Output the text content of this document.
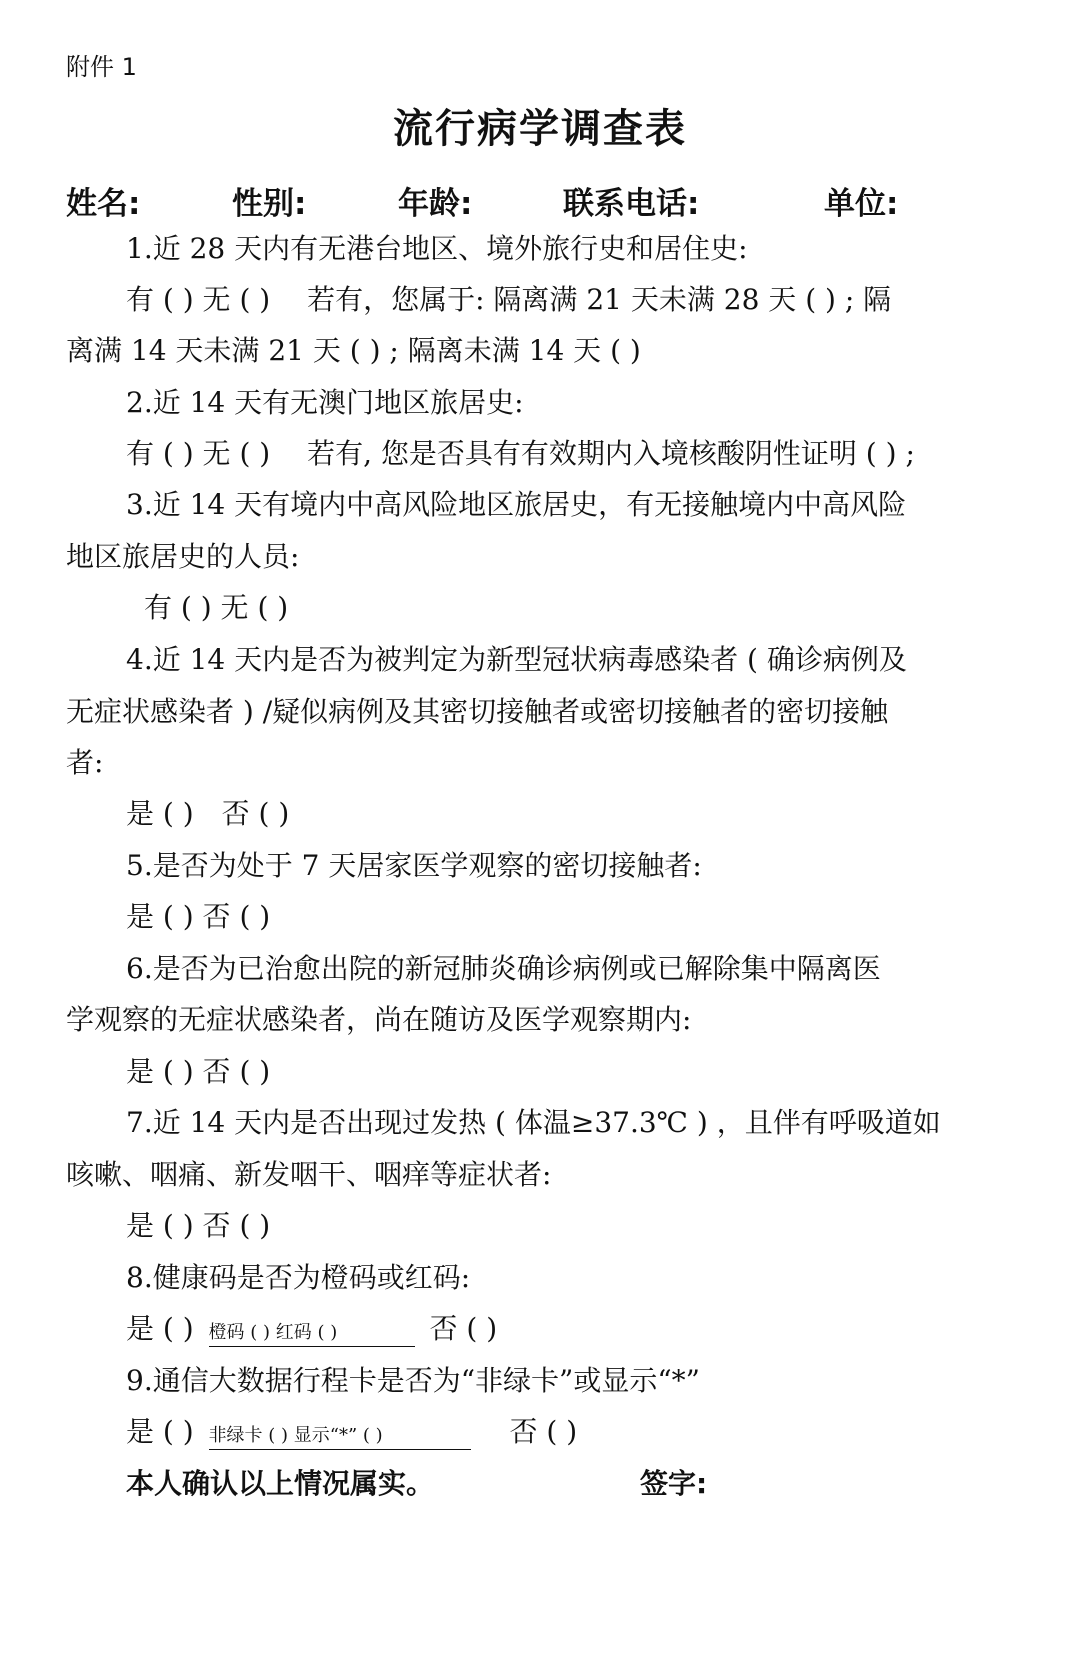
附件 1
流行病学调查表
姓名:	性别:	年龄:	联系电话:	单位:
1.近 28 天内有无港台地区、境外旅行史和居住史:
有 ( ) 无 ( )　 若有，您属于: 隔离满 21 天未满 28 天 ( ) ; 隔
离满 14 天未满 21 天 ( ) ; 隔离未满 14 天 ( )
2.近 14 天有无澳门地区旅居史:
有 ( ) 无 ( )　 若有, 您是否具有有效期内入境核酸阴性证明 ( ) ;
3.近 14 天有境内中高风险地区旅居史，有无接触境内中高风险
地区旅居史的人员:
有 ( ) 无 ( )
4.近 14 天内是否为被判定为新型冠状病毒感染者 ( 确诊病例及
无症状感染者 ) /疑似病例及其密切接触者或密切接触者的密切接触
者:
是 ( )　否 ( )
5.是否为处于 7 天居家医学观察的密切接触者:
是 ( ) 否 ( )
6.是否为已治愈出院的新冠肺炎确诊病例或已解除集中隔离医
学观察的无症状感染者，尚在随访及医学观察期内:
是 ( ) 否 ( )
7.近 14 天内是否出现过发热 ( 体温≥37.3℃ ) ，且伴有呼吸道如
咳嗽、咽痛、新发咽干、咽痒等症状者:
是 ( ) 否 ( )
8.健康码是否为橙码或红码:
是 ( ) 橙码 ( ) 红码 ( )	否 ( )
9.通信大数据行程卡是否为“非绿卡”或显示“*”
是 ( ) 非绿卡 ( ) 显示“*” ( )	否 ( )
本人确认以上情况属实。	签字:
